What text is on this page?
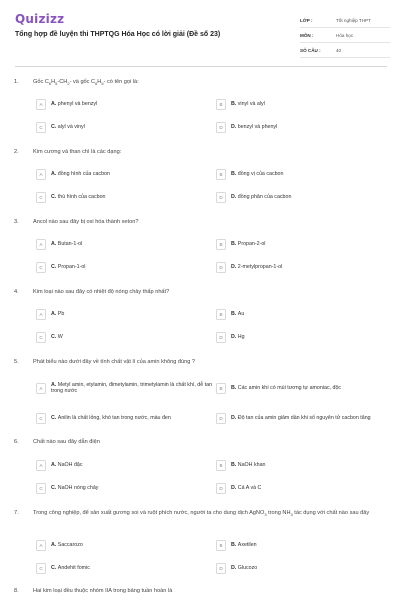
Quizizz
Tổng hợp đề luyện thi THPTQG Hóa Học có lời giải (Đề số 23)
LỚP :	Tốt nghiệp THPT
MÔN :	Hóa học
SỐ CÂU :	40
1.	Gốc $C_6H_5-CH_2-$ và gốc $C_6H_5-$ có tên gọi là:
A	A. phenyl và benzyl	B	B. vinyl và alyl
C	C. alyl và vinyl	D	D. benzyl và phenyl
2.	Kim cương và than chì là các dạng:
A	A. đồng hình của cacbon	B	B. đồng vị của cacbon
C	C. thù hình của cacbon	D	D. đồng phân của cacbon
3.	Ancol nào sau đây bị oxi hóa thành xeton?
A	A. Butan-1-ol	B	B. Propan-2-ol
C	C. Propan-1-ol	D	D. 2-metylpropan-1-ol
4.	Kim loại nào sau đây có nhiệt độ nóng chảy thấp nhất?
A	A. Pb	B	B. Au
C	C. W	D	D. Hg
5.	Phát biểu nào dưới đây về tính chất vật lí của amin không đúng ?
A
A. Metyl amin, etylamin, đimetylamin, trimetylamin là chất khí, dễ tan trong nước	B	B. Các amin khí có mùi tương tự amoniac, độc
C	C. Anilin là chất lỏng, khó tan trong nước, màu đen	D	D. Độ tan của amin giảm dần khi số nguyên tử cacbon tăng
6.	Chất nào sau đây dẫn điện
A	A. NaOH đặc	B	B. NaOH khan
C	C. NaOH nóng chảy	D	D. Cả A và C
7.	Trong công nghiệp, để sản xuất gương soi và ruột phích nước, người ta cho dung dịch AgNO$_3$ trong $NH_3$ tác dụng với chất nào sau đây
A	A. Saccarozo	B	B. Axetilen
C	C. Andehit fomic	D	D. Glucozo
8.	Hai kim loại đều thuộc nhóm IIA trong bảng tuần hoàn là
